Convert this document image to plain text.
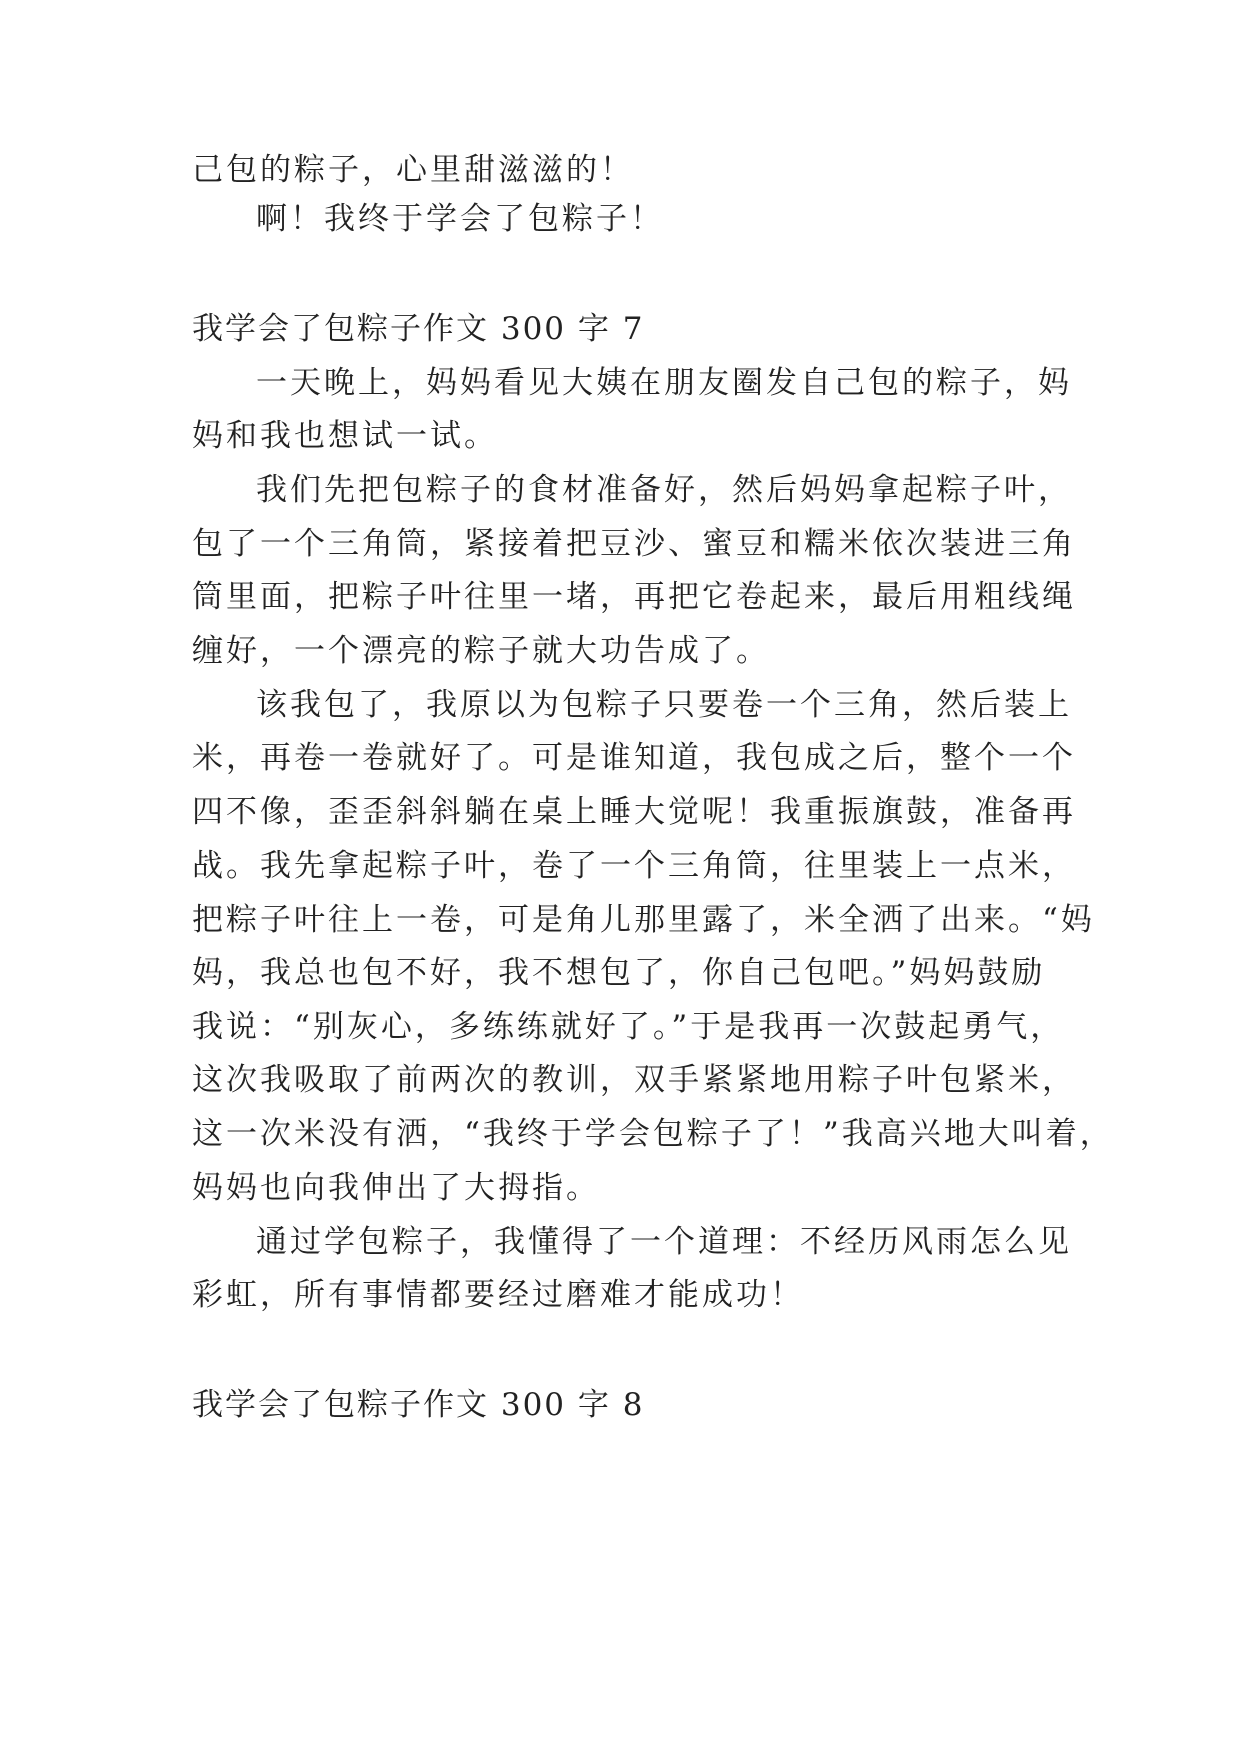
己包的粽子，心里甜滋滋的！

啊！我终于学会了包粽子！

我学会了包粽子作文 300 字 7

一天晚上，妈妈看见大姨在朋友圈发自己包的粽子，妈

妈和我也想试一试。

我们先把包粽子的食材准备好，然后妈妈拿起粽子叶，

包了一个三角筒，紧接着把豆沙、蜜豆和糯米依次装进三角

筒里面，把粽子叶往里一堵，再把它卷起来，最后用粗线绳

缠好，一个漂亮的粽子就大功告成了。

该我包了，我原以为包粽子只要卷一个三角，然后装上

米，再卷一卷就好了。可是谁知道，我包成之后，整个一个

四不像，歪歪斜斜躺在桌上睡大觉呢！我重振旗鼓，准备再

战。我先拿起粽子叶，卷了一个三角筒，往里装上一点米，

把粽子叶往上一卷，可是角儿那里露了，米全洒了出来。“妈

妈，我总也包不好，我不想包了，你自己包吧。”妈妈鼓励

我说：“别灰心，多练练就好了。”于是我再一次鼓起勇气，

这次我吸取了前两次的教训，双手紧紧地用粽子叶包紧米，

这一次米没有洒，“我终于学会包粽子了！”我高兴地大叫着，

妈妈也向我伸出了大拇指。

通过学包粽子，我懂得了一个道理：不经历风雨怎么见

彩虹，所有事情都要经过磨难才能成功！

我学会了包粽子作文 300 字 8
